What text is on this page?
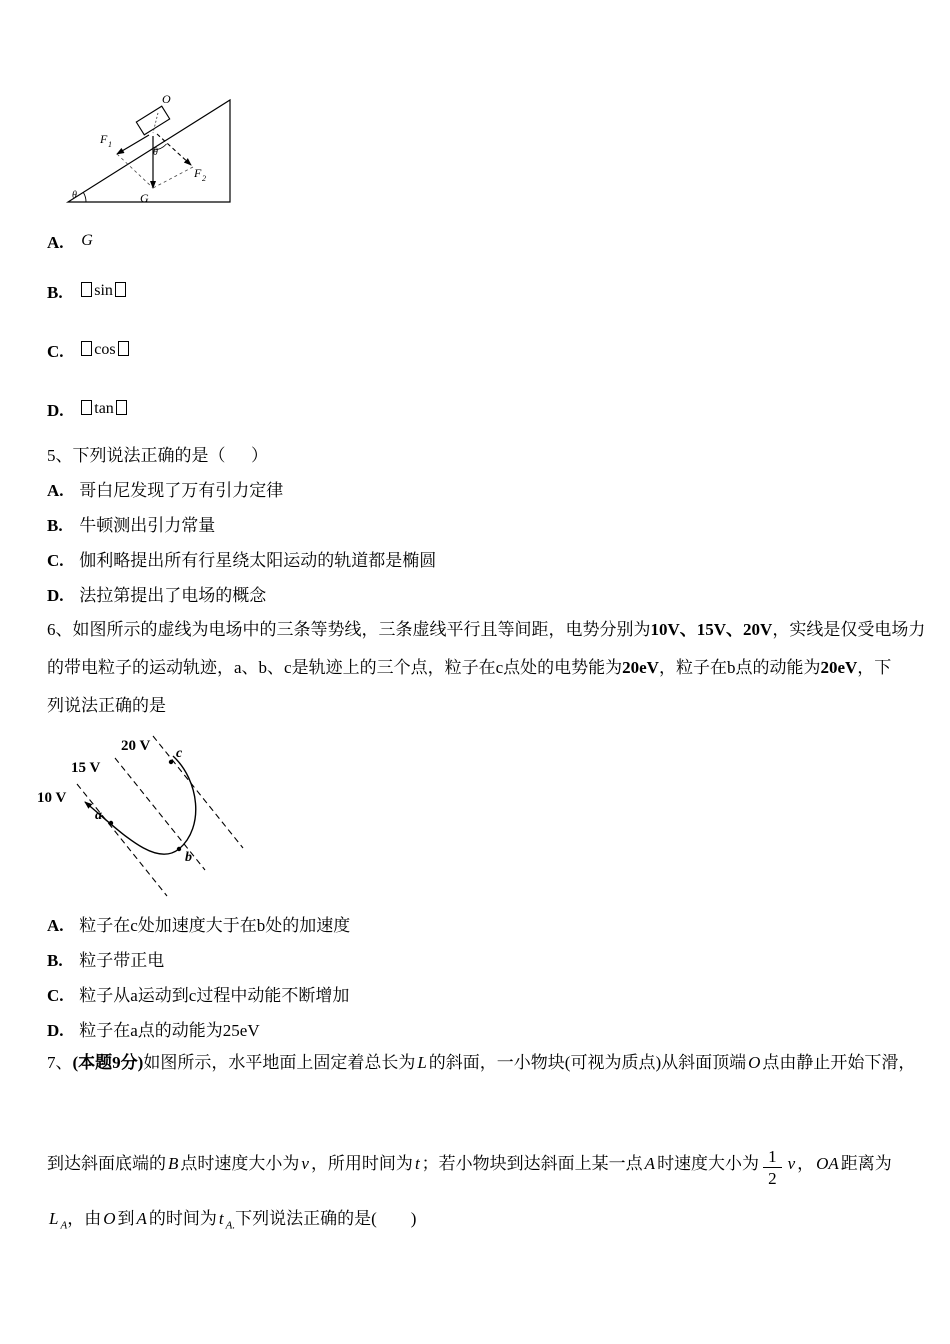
θ
O
G
F 1
F 2
θ
A. G
B. sin
C. cos
D. tan
5、下列说法正确的是（      ）
A. 哥白尼发现了万有引力定律
B. 牛顿测出引力常量
C. 伽利略提出所有行星绕太阳运动的轨道都是椭圆
D. 法拉第提出了电场的概念
6、如图所示的虚线为电场中的三条等势线，三条虚线平行且等间距，电势分别为10V、15V、20V，实线是仅受电场力
的带电粒子的运动轨迹，a、b、c是轨迹上的三个点，粒子在c点处的电势能为20eV，粒子在b点的动能为20eV，下
列说法正确的是
20 V
15 V
10 V
c
b
a
A. 粒子在c处加速度大于在b处的加速度
B. 粒子带正电
C. 粒子从a运动到c过程中动能不断增加
D. 粒子在a点的动能为25eV
7、(本题9分)如图所示，水平地面上固定着总长为 L 的斜面，一小物块(可视为质点)从斜面顶端 O 点由静止开始下滑，
到达斜面底端的 B 点时速度大小为 v ，所用时间为 t ；若小物块到达斜面上某一点 A 时速度大小为 $\frac{1}{2}$ v ， OA 距离为
L $_A$，由 O 到 A 的时间为 t $_{A.}$下列说法正确的是(        )
